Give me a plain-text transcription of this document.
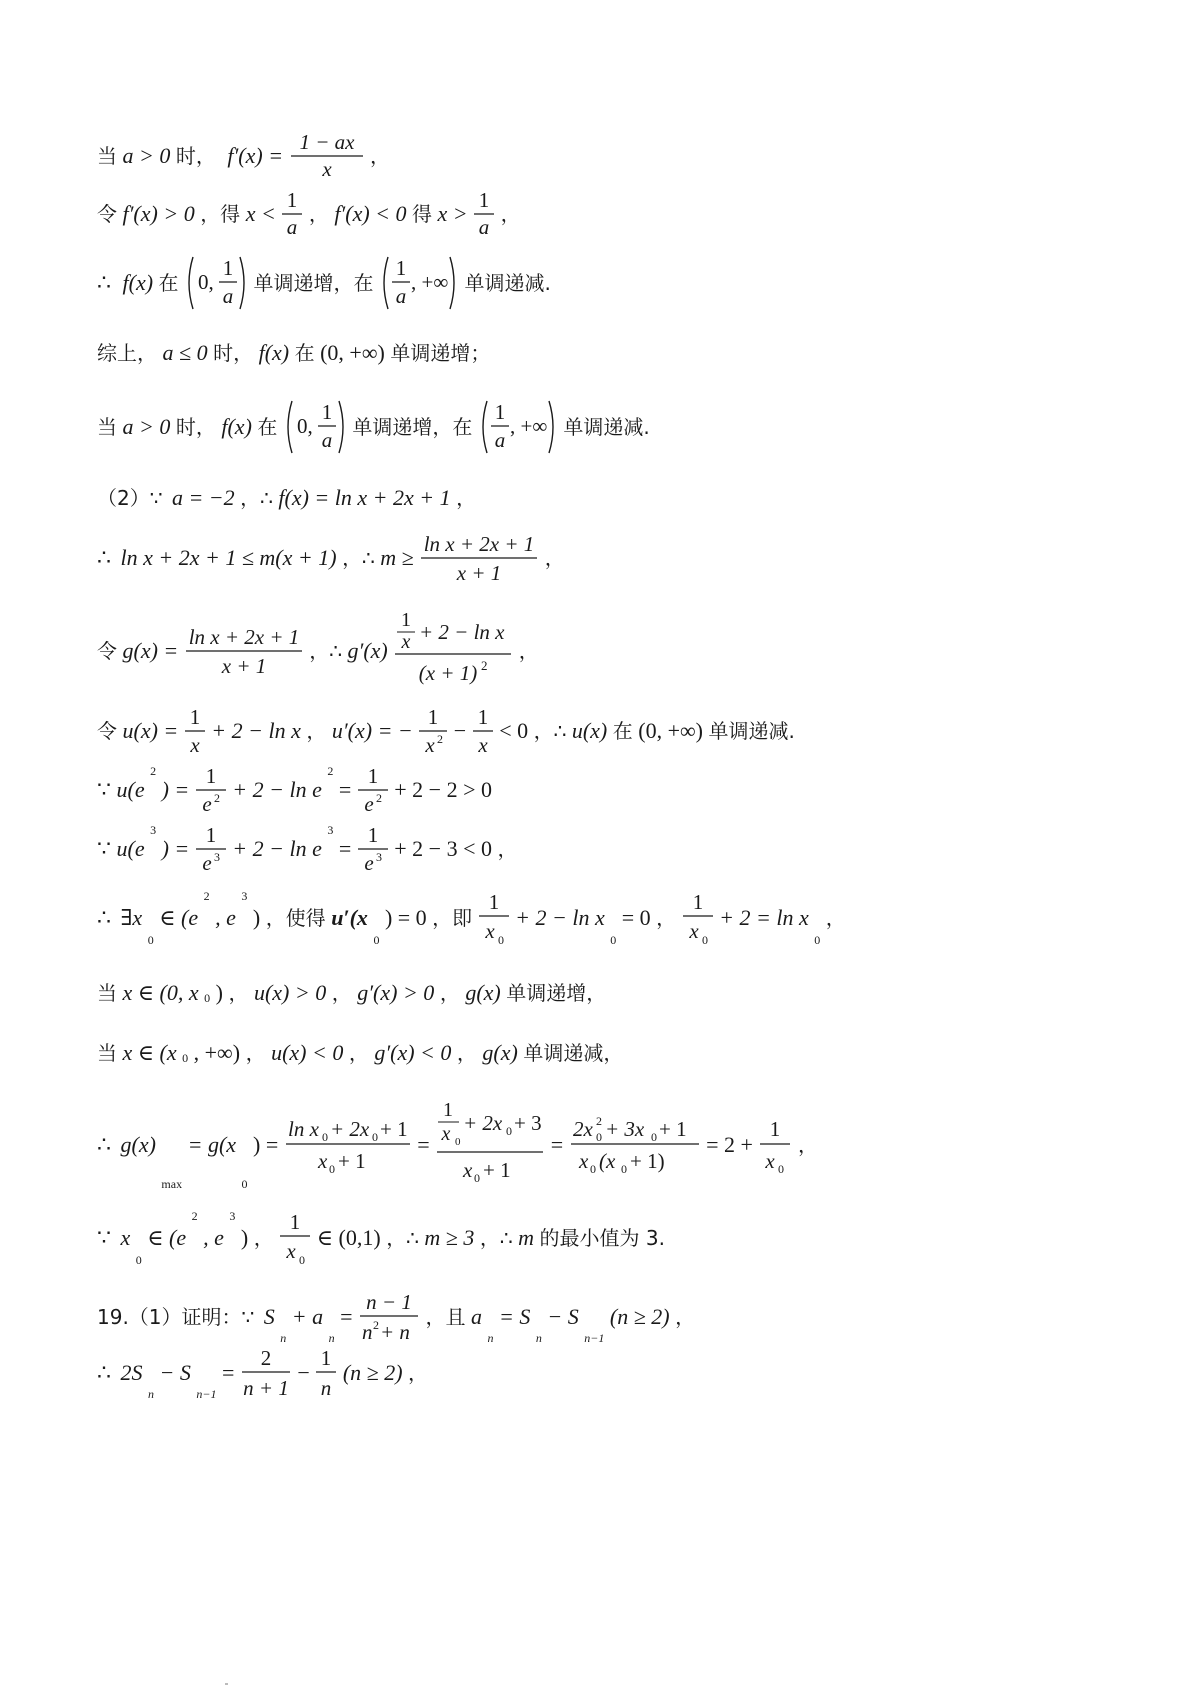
当 a > 0 时， f′(x) =
1 − ax
x
，
令 f′(x) > 0 ，得 x <
1
a
， f′(x) < 0 得 x >
1
a
，
∴ f(x) 在 0,
1
a
单调递增，在
1
a
, +∞ 单调递减.
综上， a ≤ 0 时， f(x) 在 (0, +∞) 单调递增；
当 a > 0 时， f(x) 在 0,
1
a
单调递增，在
1
a
, +∞ 单调递减.
（2）∵ a = −2 ，∴ f(x) = ln x + 2x + 1 ，
∴ ln x + 2x + 1 ≤ m(x + 1) ，∴ m ≥
ln x + 2x + 1
x + 1
，
令 g(x) =
ln x + 2x + 1
x + 1
，∴ g′(x)
1
x + 2 − ln x
(x + 1) 2
，
令 u(x) =
1
x
+ 2 − ln x ， u′(x) = −
1
x 2 −
1
x
< 0 ，∴ u(x) 在 (0, +∞) 单调递减.
∵ u(e 2 ) =
1
e 2 + 2 − ln e 2 =
1
e 2 + 2 − 2 > 0
∵ u(e 3 ) =
1
e 3 + 2 − ln e 3 =
1
e 3 + 2 − 3 < 0 ，
∴ ∃x 0 ∈ (e 2 , e 3 ) ，使得 u′(x 0 ) = 0 ，即
1
x 0
+ 2 − ln x 0 = 0 ，
1
x 0
+ 2 = ln x 0 ，
当 x ∈ (0, x 0 ) ， u(x) > 0 ， g′(x) > 0 ， g(x) 单调递增，
当 x ∈ (x 0 , +∞) ， u(x) < 0 ， g′(x) < 0 ， g(x) 单调递减，
∴ g(x) max = g(x 0 ) =
ln x 0 + 2x 0 + 1
x 0 + 1
=
1
x 0
+ 2x 0 + 3
x 0 + 1
=
2x 0
2 + 3x 0 + 1
x 0 (x 0 + 1)
= 2 +
1
x 0
，
∵ x 0 ∈ (e 2 , e 3 ) ，
1
x 0
∈ (0,1) ，∴ m ≥ 3 ，∴ m 的最小值为 3.
19.（1）证明：∵ S n + a n =
n − 1
n 2 + n
，且 a n = S n − S n−1 (n ≥ 2) ，
∴ 2S n − S n−1 =
2
n + 1
−
1
n
(n ≥ 2) ，
